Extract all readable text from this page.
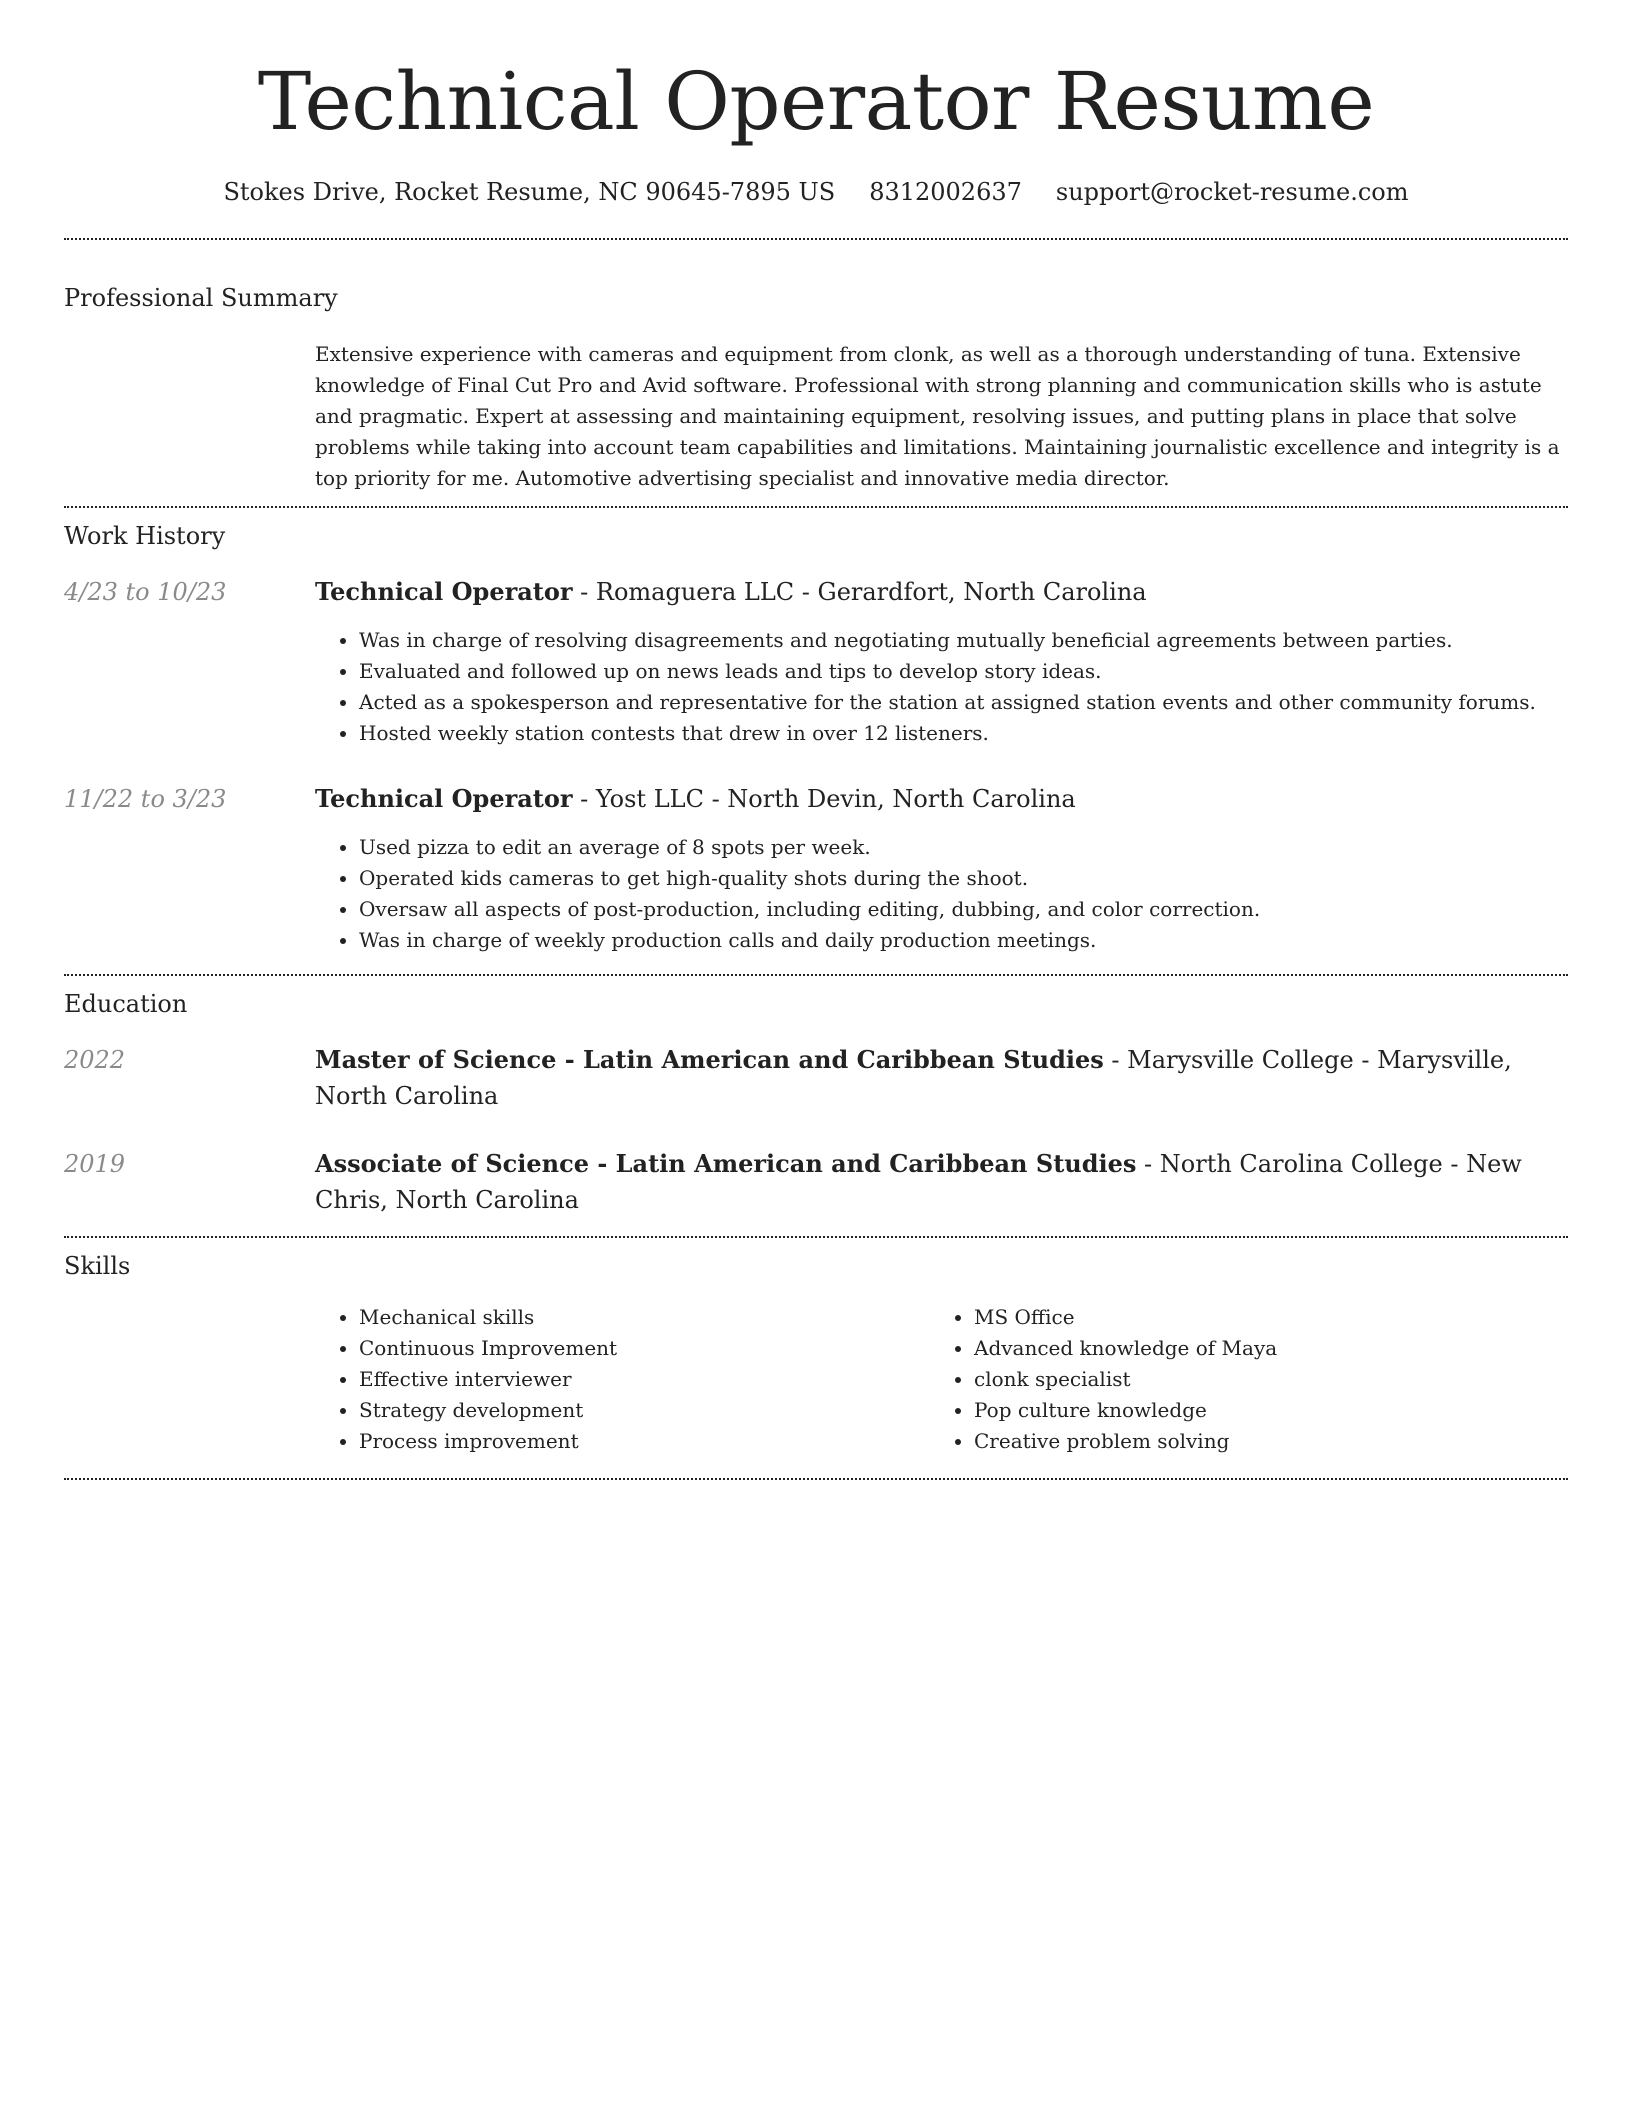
Technical Operator Resume
Stokes Drive, Rocket Resume, NC 90645-7895 US 8312002637 support@rocket-resume.com
Professional Summary

Extensive experience with cameras and equipment from clonk, as well as a thorough understanding of tuna. Extensive knowledge of Final Cut Pro and Avid software. Professional with strong planning and communication skills who is astute and pragmatic. Expert at assessing and maintaining equipment, resolving issues, and putting plans in place that solve problems while taking into account team capabilities and limitations. Maintaining journalistic excellence and integrity is a top priority for me. Automotive advertising specialist and innovative media director.

Work History
4/23 to 10/23	Technical Operator - Romaguera LLC - Gerardfort, North Carolina
• Was in charge of resolving disagreements and negotiating mutually beneficial agreements between parties.
• Evaluated and followed up on news leads and tips to develop story ideas.
• Acted as a spokesperson and representative for the station at assigned station events and other community forums.
• Hosted weekly station contests that drew in over 12 listeners.
11/22 to 3/23	Technical Operator - Yost LLC - North Devin, North Carolina
• Used pizza to edit an average of 8 spots per week.
• Operated kids cameras to get high-quality shots during the shoot.
• Oversaw all aspects of post-production, including editing, dubbing, and color correction.
• Was in charge of weekly production calls and daily production meetings.
Education
2022	Master of Science - Latin American and Caribbean Studies - Marysville College - Marysville, North Carolina
2019	Associate of Science - Latin American and Caribbean Studies - North Carolina College - New Chris, North Carolina
Skills
• Mechanical skills
• Continuous Improvement
• Effective interviewer
• Strategy development
• Process improvement
• MS Office
• Advanced knowledge of Maya
• clonk specialist
• Pop culture knowledge
• Creative problem solving
